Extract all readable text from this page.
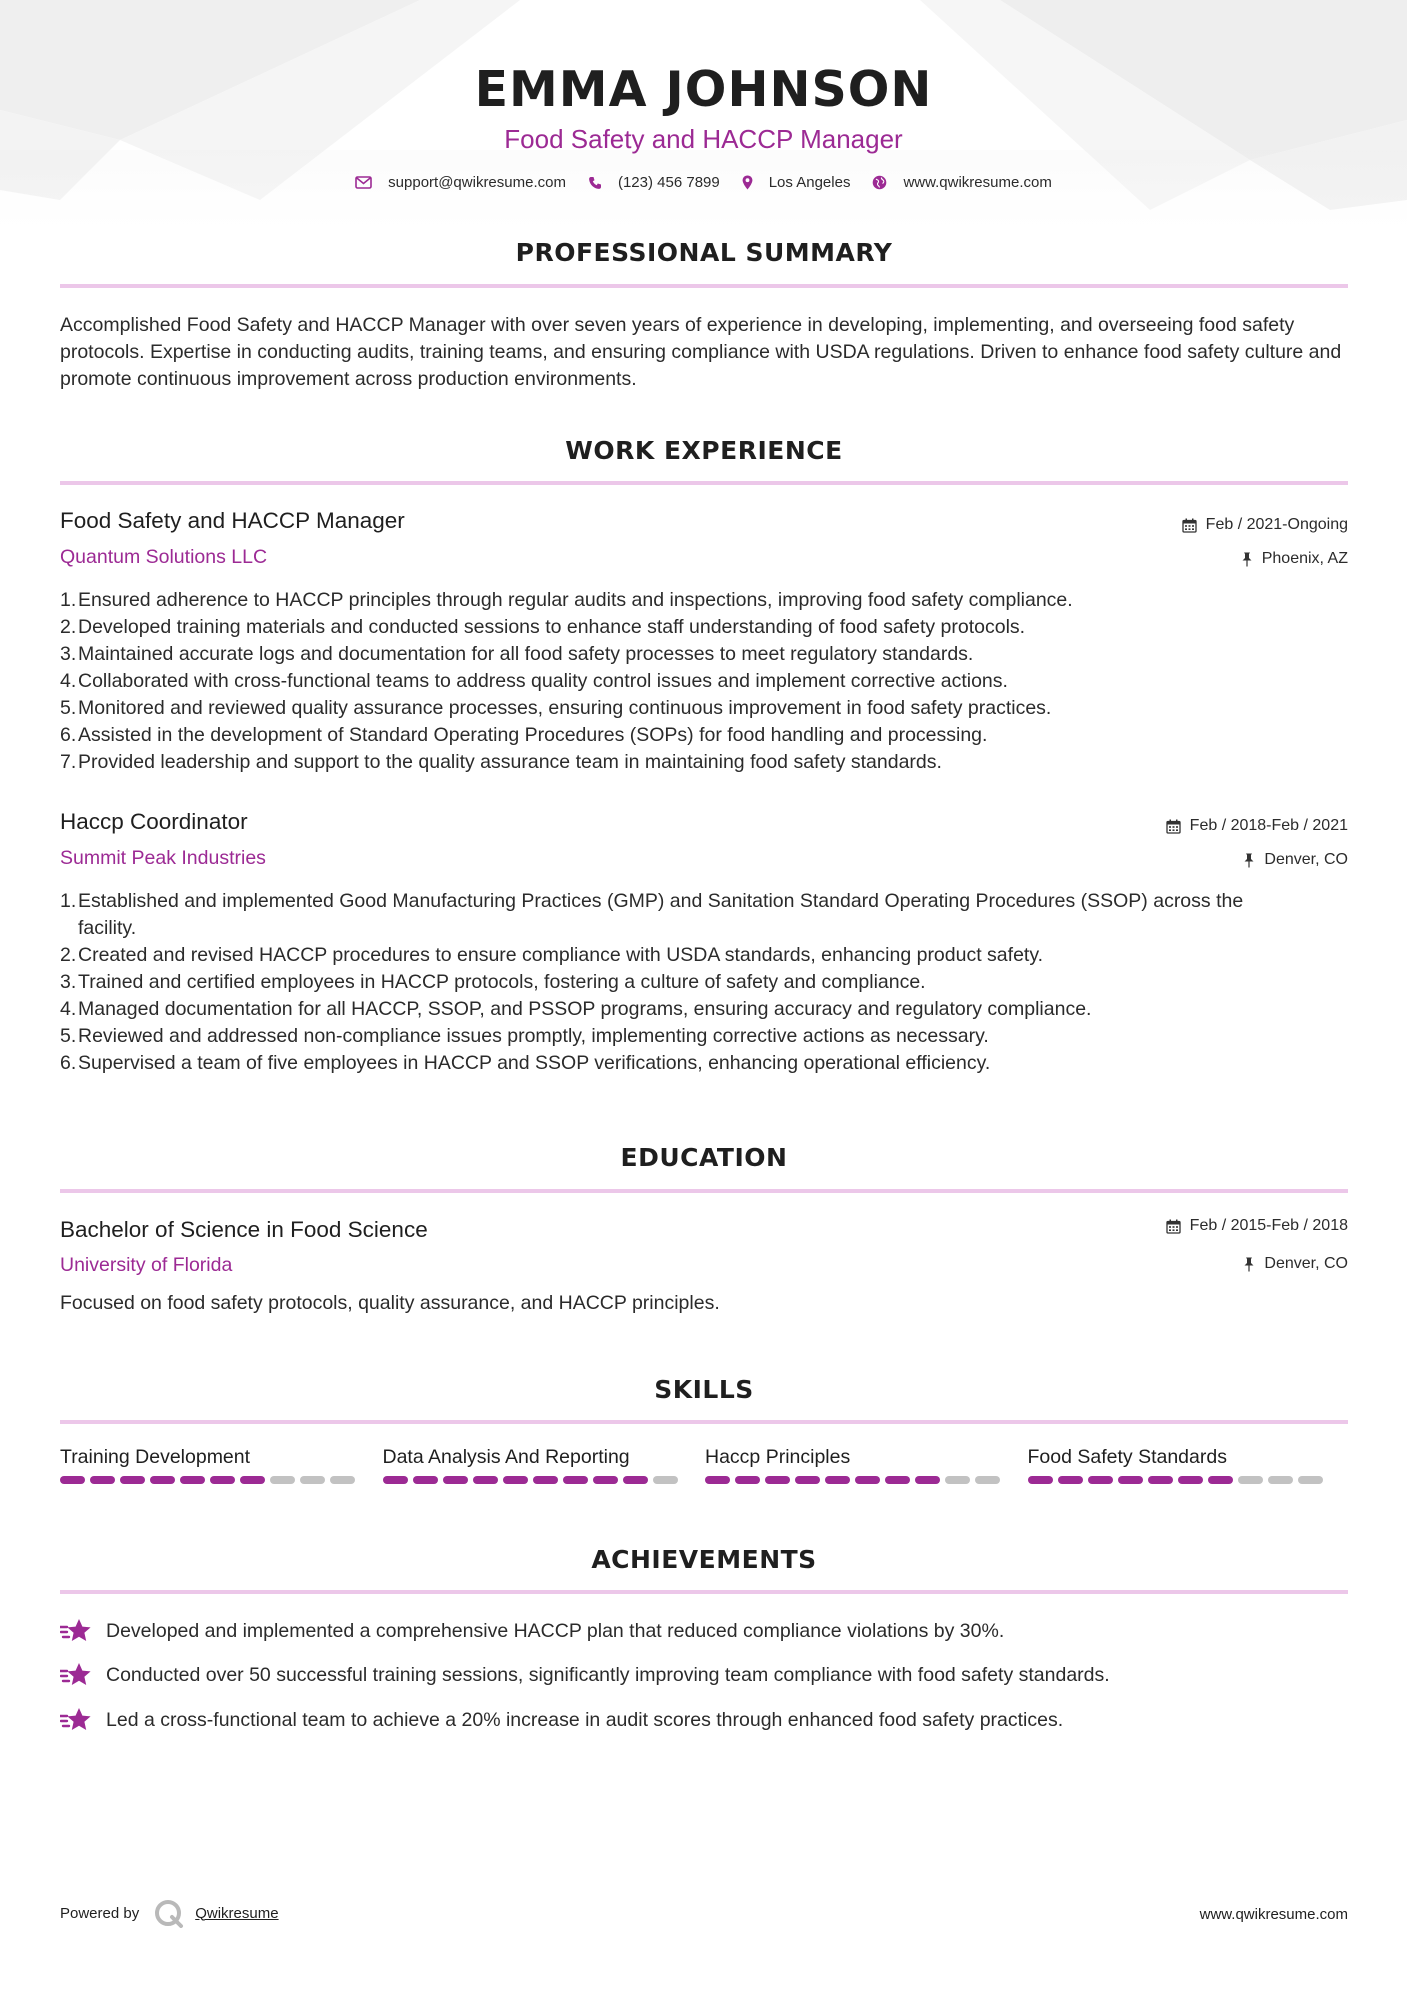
EMMA JOHNSON
Food Safety and HACCP Manager
support@qwikresume.com	(123) 456 7899	Los Angeles	www.qwikresume.com
PROFESSIONAL SUMMARY
Accomplished Food Safety and HACCP Manager with over seven years of experience in developing, implementing, and overseeing food safety protocols. Expertise in conducting audits, training teams, and ensuring compliance with USDA regulations. Driven to enhance food safety culture and promote continuous improvement across production environments.
WORK EXPERIENCE
Food Safety and HACCP Manager
Quantum Solutions LLC
Feb / 2021-Ongoing
Phoenix, AZ
Ensured adherence to HACCP principles through regular audits and inspections, improving food safety compliance.
Developed training materials and conducted sessions to enhance staff understanding of food safety protocols.
Maintained accurate logs and documentation for all food safety processes to meet regulatory standards.
Collaborated with cross-functional teams to address quality control issues and implement corrective actions.
Monitored and reviewed quality assurance processes, ensuring continuous improvement in food safety practices.
Assisted in the development of Standard Operating Procedures (SOPs) for food handling and processing.
Provided leadership and support to the quality assurance team in maintaining food safety standards.
Haccp Coordinator
Summit Peak Industries
Feb / 2018-Feb / 2021
Denver, CO
Established and implemented Good Manufacturing Practices (GMP) and Sanitation Standard Operating Procedures (SSOP) across the facility.
Created and revised HACCP procedures to ensure compliance with USDA standards, enhancing product safety.
Trained and certified employees in HACCP protocols, fostering a culture of safety and compliance.
Managed documentation for all HACCP, SSOP, and PSSOP programs, ensuring accuracy and regulatory compliance.
Reviewed and addressed non-compliance issues promptly, implementing corrective actions as necessary.
Supervised a team of five employees in HACCP and SSOP verifications, enhancing operational efficiency.
EDUCATION
Bachelor of Science in Food Science
University of Florida
Feb / 2015-Feb / 2018
Denver, CO
Focused on food safety protocols, quality assurance, and HACCP principles.
SKILLS
Training Development	Data Analysis And Reporting	Haccp Principles	Food Safety Standards
ACHIEVEMENTS
Developed and implemented a comprehensive HACCP plan that reduced compliance violations by 30%.
Conducted over 50 successful training sessions, significantly improving team compliance with food safety standards.
Led a cross-functional team to achieve a 20% increase in audit scores through enhanced food safety practices.
Powered by	Qwikresume	www.qwikresume.com
